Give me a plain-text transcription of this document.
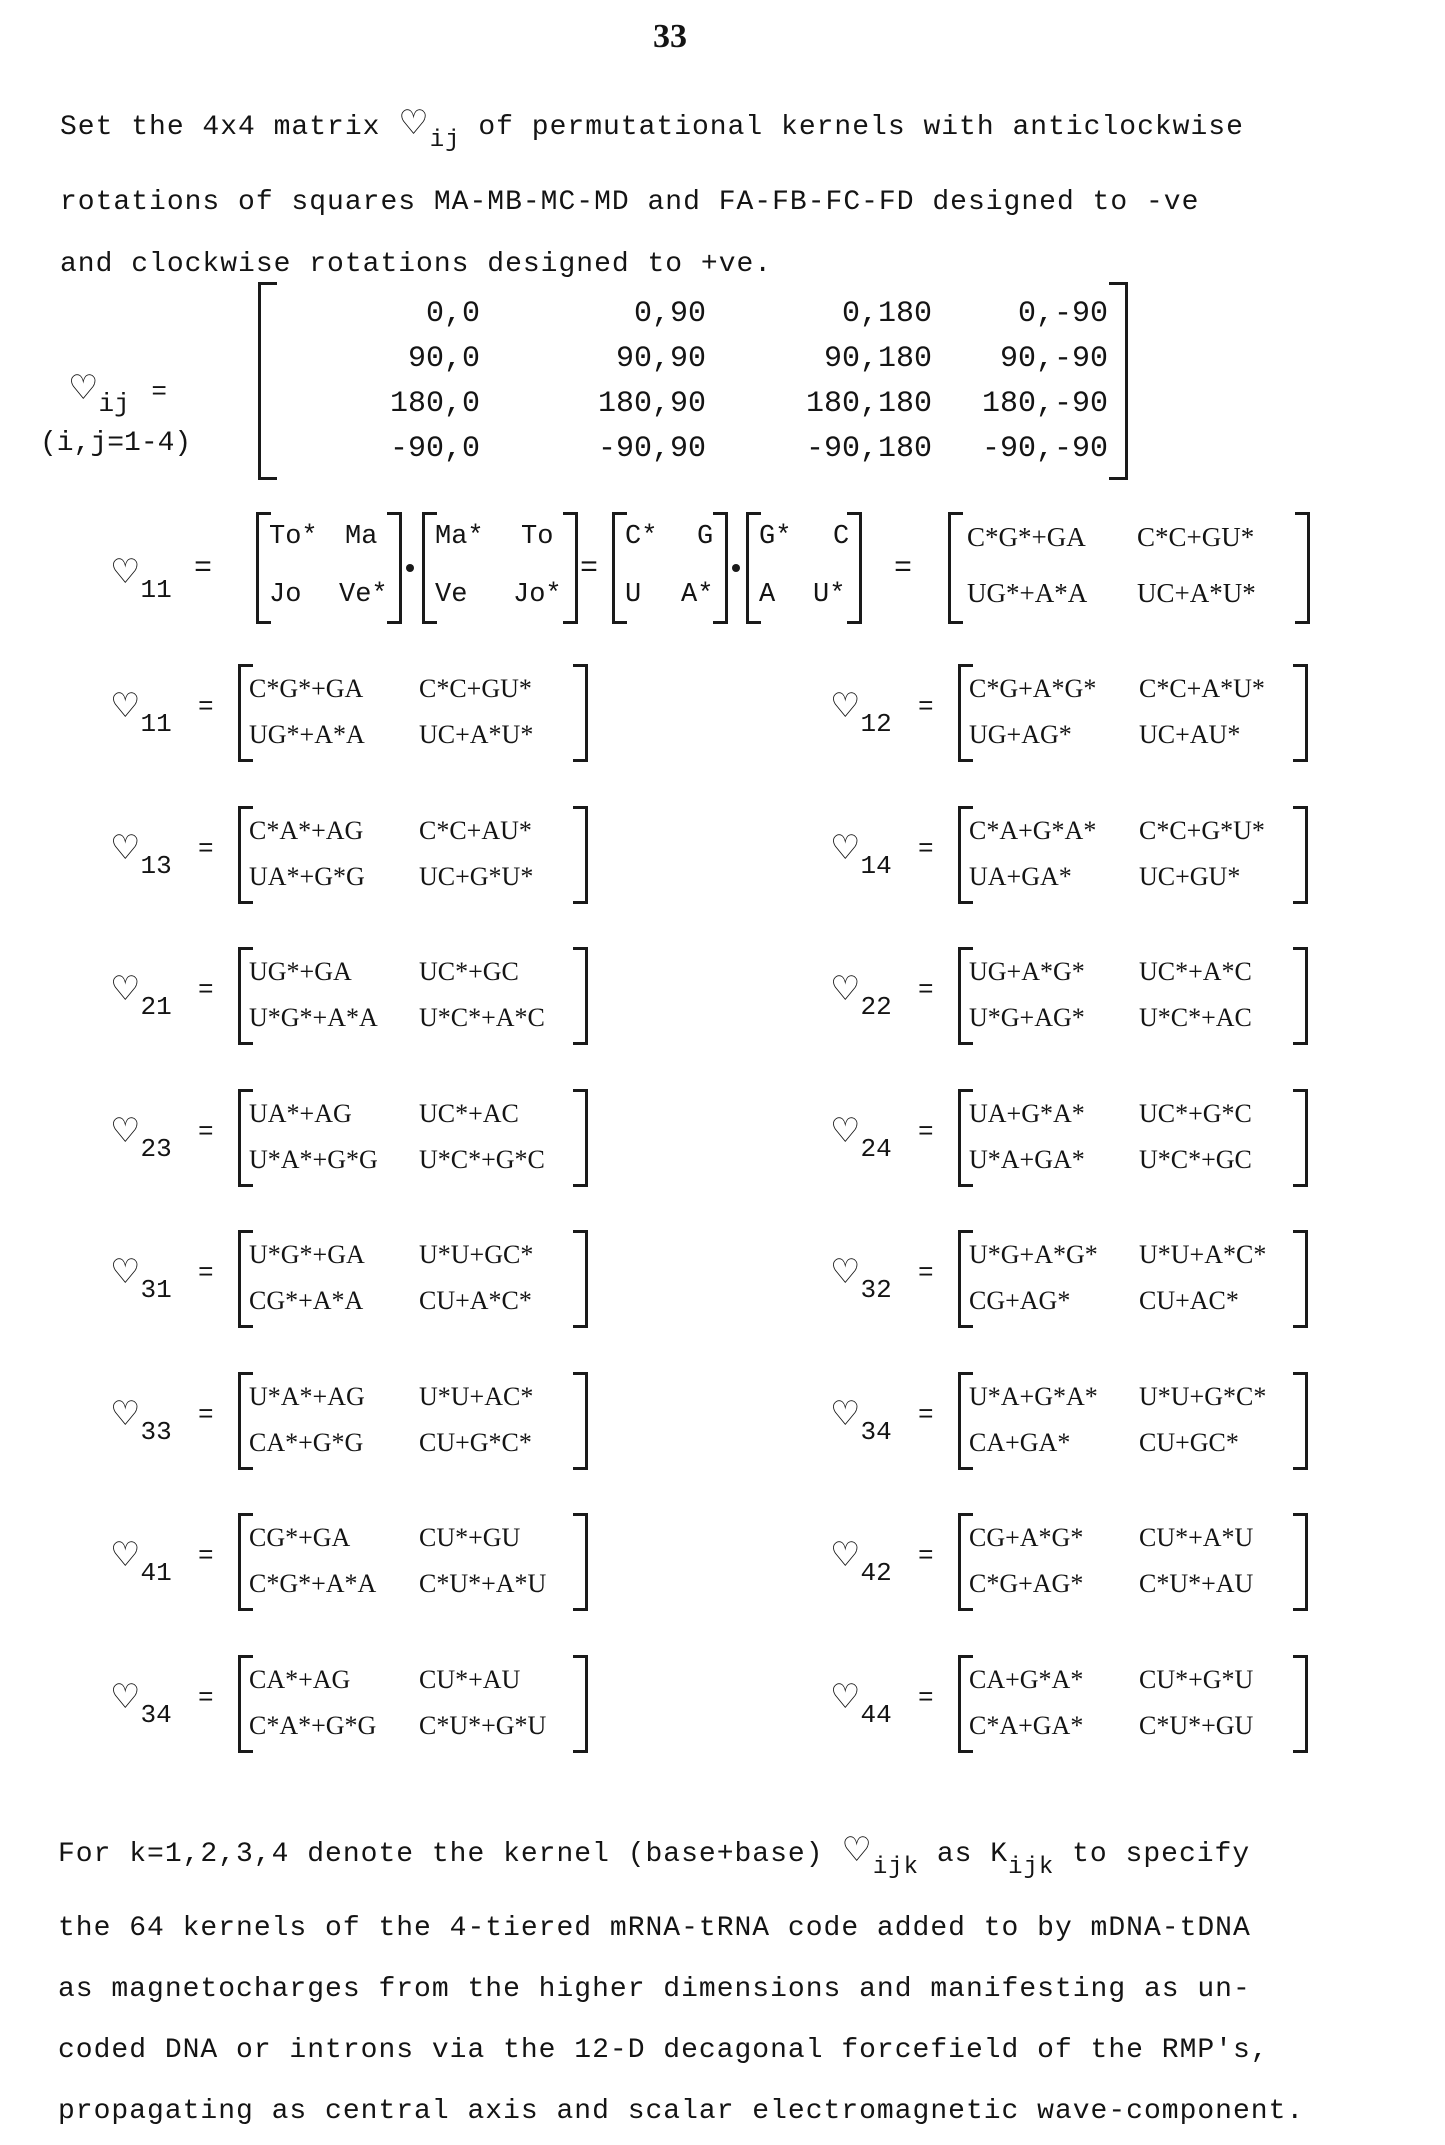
33
Set the 4x4 matrix $♡_{ij}$ of permutational kernels with anticlockwise
rotations of squares MA-MB-MC-MD and FA-FB-FC-FD designed to -ve
and clockwise rotations designed to +ve.
$♡_{ij}$ =
(i,j=1-4)
0,0	0,90	0,180	0,-90
90,0	90,90	90,180	90,-90
180,0	180,90	180,180	180,-90
-90,0	-90,90	-90,180	-90,-90
$♡_{11}$
=
To* Ma
Jo Ve*
Ma* To
Ve Jo*
=
C* G
U A*
G* C
A U*
=
C*G*+GA C*C+GU*
UG*+A*A UC+A*U*
$♡_{11}$
=
C*G*+GA C*C+GU*
UG*+A*A UC+A*U*
$♡_{12}$
=
C*G+A*G* C*C+A*U*
UG+AG*	UC+AU*
$♡_{13}$
=
C*A*+AG C*C+AU*
UA*+G*G UC+G*U*
$♡_{14}$
=
C*A+G*A* C*C+G*U*
UA+GA*	UC+GU*
$♡_{21}$
=
UG*+GA	UC*+GC
U*G*+A*A U*C*+A*C
$♡_{22}$
=
UG+A*G* UC*+A*C
U*G+AG* U*C*+AC
$♡_{23}$
=
UA*+AG	UC*+AC
U*A*+G*G U*C*+G*C
$♡_{24}$
=
UA+G*A* UC*+G*C
U*A+GA* U*C*+GC
$♡_{31}$
=
U*G*+GA U*U+GC*
CG*+A*A CU+A*C*
$♡_{32}$
=
U*G+A*G* U*U+A*C*
CG+AG*	CU+AC*
$♡_{33}$
=
U*A*+AG U*U+AC*
CA*+G*G CU+G*C*
$♡_{34}$
=
U*A+G*A* U*U+G*C*
CA+GA*	CU+GC*
$♡_{41}$
=
CG*+GA	CU*+GU
C*G*+A*A C*U*+A*U
$♡_{42}$
=
CG+A*G* CU*+A*U
C*G+AG* C*U*+AU
$♡_{34}$
=
CA*+AG	CU*+AU
C*A*+G*G C*U*+G*U
$♡_{44}$
=
CA+G*A* CU*+G*U
C*A+GA* C*U*+GU
For k=1,2,3,4 denote the kernel (base+base) $♡_{ijk}$ as $K_{ijk}$ to specify
the 64 kernels of the 4-tiered mRNA-tRNA code added to by mDNA-tDNA
as magnetocharges from the higher dimensions and manifesting as un-
coded DNA or introns via the 12-D decagonal forcefield of the RMP's,
propagating as central axis and scalar electromagnetic wave-component.
